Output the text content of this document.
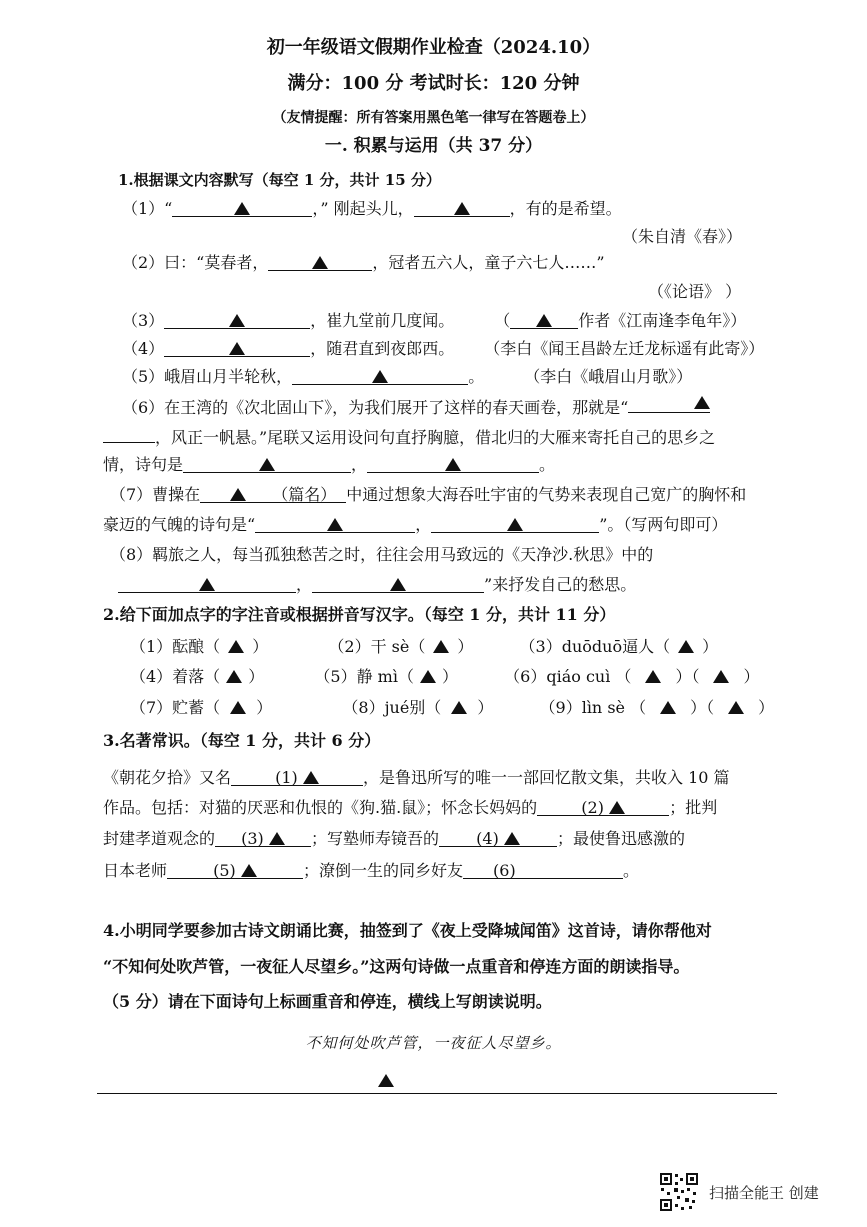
初一年级语文假期作业检查（2024.10）
满分：100 分 考试时长：120 分钟
（友情提醒：所有答案用黑色笔一律写在答题卷上）
一. 积累与运用（共 37 分）
1.根据课文内容默写（每空 1 分，共计 15 分）
（1）“	，” 刚起头儿，	，有的是希望。
（朱自清《春》）
（2）曰：“莫春者，	，冠者五六人，童子六七人……”
（《论语》 ）
（3）	，崔九堂前几度闻。	（	作者《江南逢李龟年》）
（4）	，随君直到夜郎西。 （李白《闻王昌龄左迁龙标遥有此寄》）
（5）峨眉山月半轮秋，	。	（李白《峨眉山月歌》）
（6）在王湾的《次北固山下》，为我们展开了这样的春天画卷，那就是“
，风正一帆悬。”尾联又运用设问句直抒胸臆，借北归的大雁来寄托自己的思乡之
情，诗句是	，	。
（7）曹操在	（篇名） 中通过想象大海吞吐宇宙的气势来表现自己宽广的胸怀和
豪迈的气魄的诗句是“	，	”。（写两句即可）
（8）羁旅之人，每当孤独愁苦之时，往往会用马致远的《天净沙.秋思》中的
，	”来抒发自己的愁思。
2.给下面加点字的字注音或根据拼音写汉字。（每空 1 分，共计 11 分）
（1）酝酿（ ）	（2）干 sè（ ）	（3）duōduō逼人（ ）
（4）着落（ ）	（5）静 mì（ ）	（6）qiáo cuì （	）（	）
（7）贮蓄（ ）	（8）jué别（ ）	（9）lìn sè （	）（	）
3.名著常识。（每空 1 分，共计 6 分）
《朝花夕拾》又名	(1)	，是鲁迅所写的唯一一部回忆散文集，共收入 10 篇
作品。包括：对猫的厌恶和仇恨的《狗.猫.鼠》；怀念长妈妈的	(2)	；批判
封建孝道观念的 (3)	；写塾师寿镜吾的 (4)	；最使鲁迅感激的
日本老师	(5)	；潦倒一生的同乡好友 (6)	。
4.小明同学要参加古诗文朗诵比赛，抽签到了《夜上受降城闻笛》这首诗，请你帮他对
“不知何处吹芦管，一夜征人尽望乡。”这两句诗做一点重音和停连方面的朗读指导。
（5 分）请在下面诗句上标画重音和停连，横线上写朗读说明。
不知何处吹芦管，一夜征人尽望乡。
扫描全能王 创建
